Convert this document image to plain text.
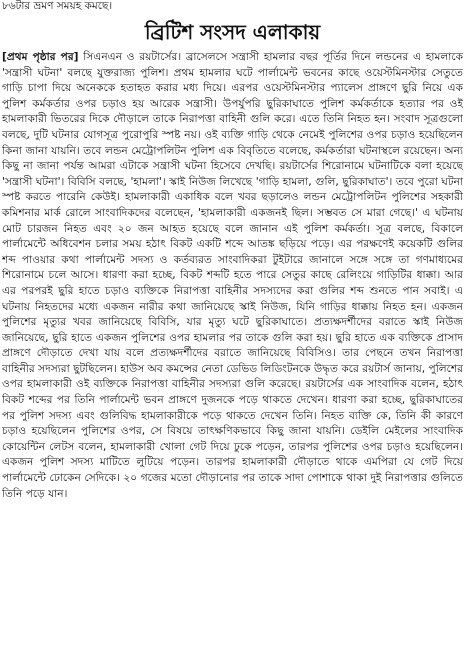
৮৬টার ভ্রমণ সময়হ কমছে।
ব্রিটিশ সংসদ এলাকায়
[প্রথম পৃষ্ঠার পর] সিএনএন ও রয়টার্সের। ব্রাসেলসে সন্ত্রাসী হামলার বছর পূর্তির দিনে লন্ডনের এ হামলাকে 'সন্ত্রাসী ঘটনা' বলছে যুক্তরাজ্য পুলিশ। প্রথম হামলার ঘটে পার্লামেন্ট ভবনের কাছে ওয়েস্টমিনস্টার সেতুতে গাড়ি চাপা দিয়ে অনেককে হতাহত করার মধ্য দিয়ে। এরপর ওয়েস্টমিনস্টার প্যালেস প্রাঙ্গণে ছুরি নিয়ে এক পুলিশ কর্মকর্তার ওপর চড়াও হয় আরেক সন্ত্রাসী। উপর্যুপরি ছুরিকাঘাতে পুলিশ কর্মকর্তাকে হত্যার পর ওই হামলাকারী ভিতরের দিকে দৌড়ালে তাকে নিরাপত্তা বাহিনী গুলি করে। এতে তিনি নিহত হন। সংবাদ সূত্রগুলো বলছে, দুটি ঘটনার যোগসূত্র পুরোপুরি স্পষ্ট নয়। ওই ব্যক্তি গাড়ি থেকে নেমেই পুলিশের ওপর চড়াও হয়েছিলেন কিনা জানা যায়নি। তবে লন্ডন মেট্রোপলিটন পুলিশ এক বিবৃতিতে বলেছে, কর্মকর্তারা ঘটনাস্থলে রয়েছেন। অন্য কিছু না জানা পর্যন্ত আমরা এটাকে সন্ত্রাসী ঘটনা হিসেবে দেখছি। রয়টার্সের শিরোনামে ঘটনাটিকে বলা হয়েছে 'সন্ত্রাসী ঘটনা'। বিবিসি বলছে, 'হামলা'। স্কাই নিউজ লিখেছে 'গাড়ি হামলা, গুলি, ছুরিকাঘাত'। তবে পুরো ঘটনা স্পষ্ট করতে পারেনি কেউই। হামলাকারী একাধিক বলে খবর ছড়ালেও লন্ডন মেট্রোপলিটন পুলিশের সহকারী কমিশনার মার্ক রোলে সাংবাদিকদের বলেছেন, 'হামলাকারী একজনই ছিল। সম্ভবত সে মারা গেছে।' এ ঘটনায় মোট চারজন নিহত এবং ২০ জন আহত হয়েছে বলে জানান এই পুলিশ কর্মকর্তা। সূত্র বলছে, বিকালে পার্লামেন্টে অধিবেশন চলার সময় হঠাৎ বিকট একটি শব্দে আতঙ্ক ছড়িয়ে পড়ে। এর পরক্ষণেই কয়েকটি গুলির শব্দ পাওয়ার কথা পার্লামেন্ট সদস্য ও কর্তব্যরত সাংবাদিকরা টুইটারে জানালে সঙ্গে সঙ্গে তা গণমাধ্যমের শিরোনামে চলে আসে। ধারণা করা হচ্ছে, বিকট শব্দটি হতে পারে সেতুর কাছে রেলিংয়ে গাড়িটির ধাক্কা। আর এর পরপরই ছুরি হাতে চড়াও ব্যক্তিকে নিরাপত্তা বাহিনীর সদস্যদের করা গুলির শব্দ শুনতে পান সবাই। এ ঘটনায় নিহতদের মধ্যে একজন নারীর কথা জানিয়েছে স্কাই নিউজ, যিনি গাড়ির ধাক্কায় নিহত হন। একজন পুলিশের মৃত্যুর খবর জানিয়েছে বিবিসি, যার মৃত্যু ঘটে ছুরিকাঘাতে। প্রত্যক্ষদর্শীদের বরাতে স্কাই নিউজ জানিয়েছে, ছুরি হাতে একজন পুলিশের ওপর হামলার পর তাকে গুলি করা হয়। ছুরি হাতে এক ব্যক্তিকে প্রাসাদ প্রাঙ্গণে দৌড়াতে দেখা যায় বলে প্রত্যক্ষদর্শীদের বরাতে জানিয়েছে বিবিসিও। তার পেছনে তখন নিরাপত্তা বাহিনীর সদস্যরা ছুটছিলেন। হাউস অব কমন্সের নেতা ডেভিড লিডিংটনকে উদ্ধৃত করে রয়টার্স জানায়, পুলিশের ওপর হামলাকারী ওই ব্যক্তিকে নিরাপত্তা বাহিনীর সদস্যরা গুলি করেছে। রয়টার্সের এক সাংবাদিক বলেন, হঠাৎ বিকট শব্দের পর তিনি পার্লামেন্ট ভবন প্রাঙ্গণে দুজনকে পড়ে থাকতে দেখেন। ধারণা করা হচ্ছে, ছুরিকাঘাতের পর পুলিশ সদস্য এবং গুলিবিদ্ধ হামলাকারীকে পড়ে থাকতে দেখেন তিনি। নিহত ব্যক্তি কে, তিনি কী কারণে চড়াও হয়েছিলেন পুলিশের ওপর, সে বিষয়ে তাৎক্ষণিকভাবে কিছু জানা যায়নি। ডেইলি মেইলের সাংবাদিক কোয়েন্টিন লেটস বলেন, হামলাকারী খোলা গেট দিয়ে ঢুকে পড়েন, তারপর পুলিশের ওপর চড়াও হয়েছিলেন। একজন পুলিশ সদস্য মাটিতে লুটিয়ে পড়েন। তারপর হামলাকারী দৌড়াতে থাকে এমপিরা যে গেট দিয়ে পার্লামেন্টে ঢোকেন সেদিকে। ২০ গজের মতো দৌড়ানোর পর তাকে সাদা পোশাকে থাকা দুই নিরাপত্তার গুলিতে তিনি পড়ে যান।
